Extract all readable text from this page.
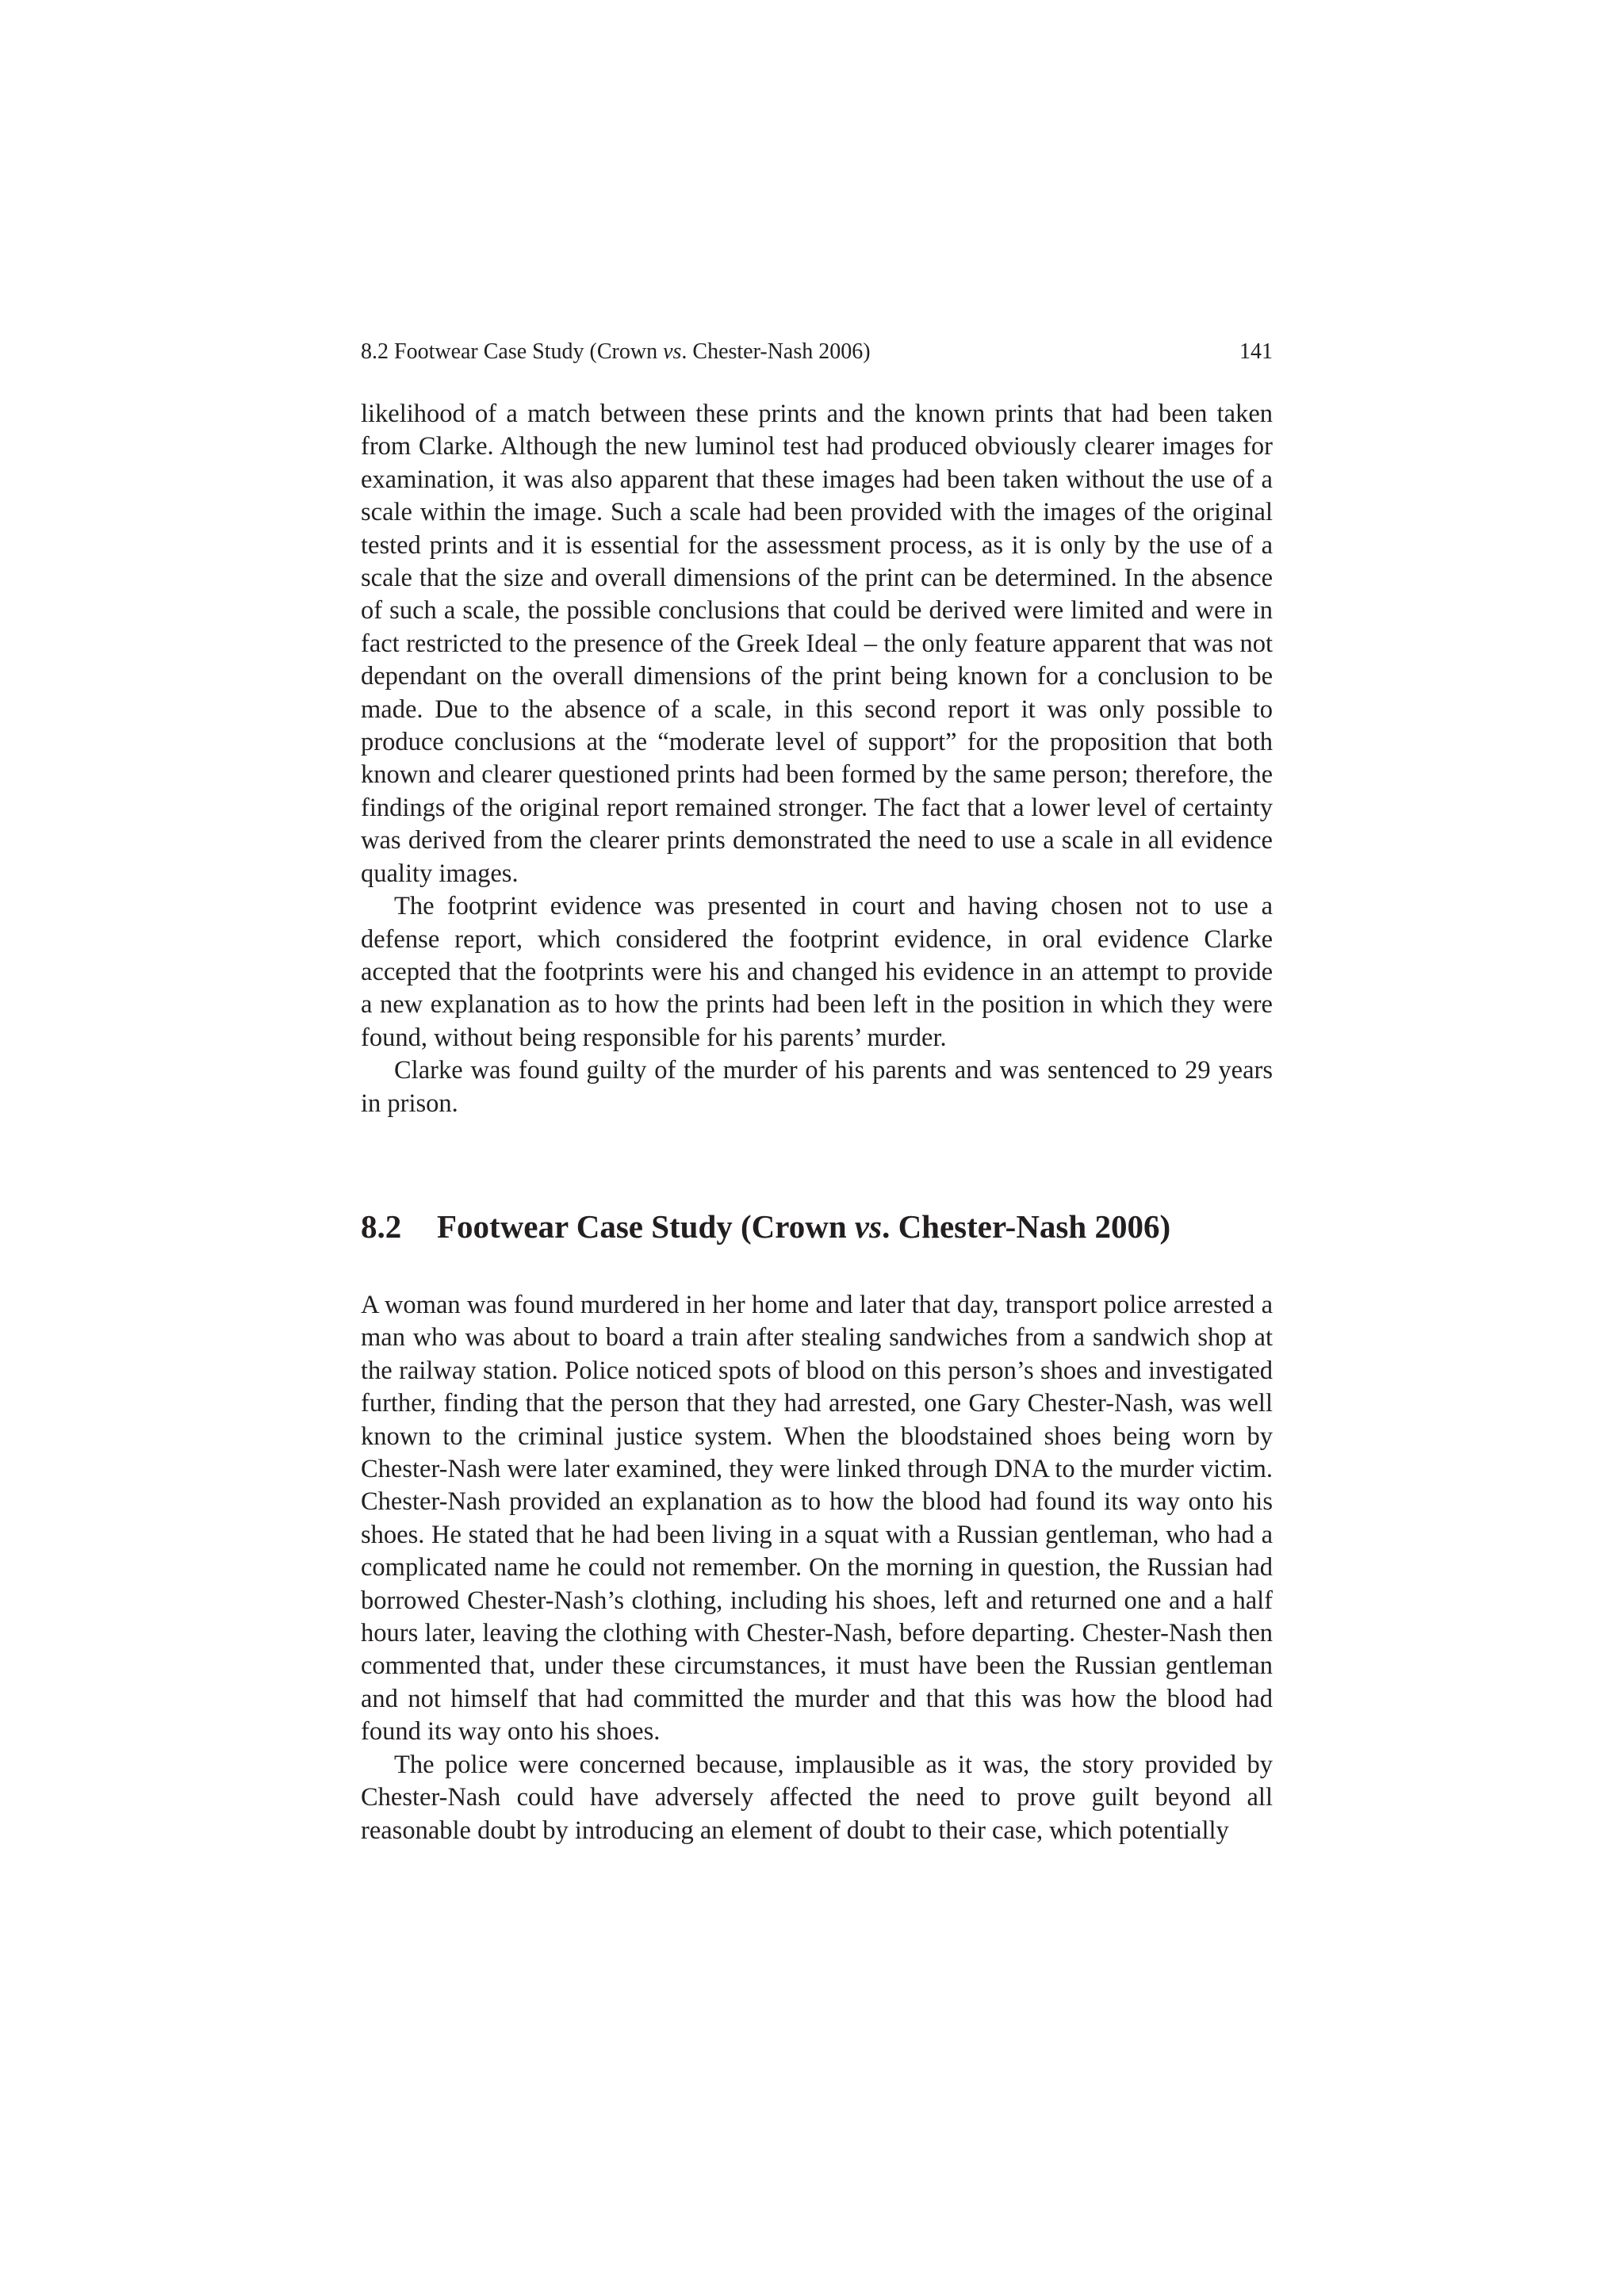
8.2 Footwear Case Study (Crown vs. Chester-Nash 2006)	141

likelihood of a match between these prints and the known prints that had been taken from Clarke. Although the new luminol test had produced obviously clearer images for examination, it was also apparent that these images had been taken without the use of a scale within the image. Such a scale had been provided with the images of the original tested prints and it is essential for the assessment process, as it is only by the use of a scale that the size and overall dimensions of the print can be determined. In the absence of such a scale, the possible conclusions that could be derived were limited and were in fact restricted to the presence of the Greek Ideal – the only feature apparent that was not dependant on the overall dimensions of the print being known for a conclusion to be made. Due to the absence of a scale, in this second report it was only possible to produce conclusions at the “moderate level of support” for the proposition that both known and clearer questioned prints had been formed by the same person; therefore, the findings of the original report remained stronger. The fact that a lower level of certainty was derived from the clearer prints demonstrated the need to use a scale in all evidence quality images.

The footprint evidence was presented in court and having chosen not to use a defense report, which considered the footprint evidence, in oral evidence Clarke accepted that the footprints were his and changed his evidence in an attempt to provide a new explanation as to how the prints had been left in the position in which they were found, without being responsible for his parents’ murder.

Clarke was found guilty of the murder of his parents and was sentenced to 29 years in prison.

8.2 Footwear Case Study (Crown vs. Chester-Nash 2006)

A woman was found murdered in her home and later that day, transport police arrested a man who was about to board a train after stealing sandwiches from a sandwich shop at the railway station. Police noticed spots of blood on this person’s shoes and investigated further, finding that the person that they had arrested, one Gary Chester-Nash, was well known to the criminal justice system. When the bloodstained shoes being worn by Chester-Nash were later examined, they were linked through DNA to the murder victim. Chester-Nash provided an explanation as to how the blood had found its way onto his shoes. He stated that he had been living in a squat with a Russian gentleman, who had a complicated name he could not remember. On the morning in question, the Russian had borrowed Chester-Nash’s clothing, including his shoes, left and returned one and a half hours later, leaving the clothing with Chester-Nash, before departing. Chester-Nash then commented that, under these circumstances, it must have been the Russian gentleman and not himself that had committed the murder and that this was how the blood had found its way onto his shoes.

The police were concerned because, implausible as it was, the story provided by Chester-Nash could have adversely affected the need to prove guilt beyond all reasonable doubt by introducing an element of doubt to their case, which potentially
